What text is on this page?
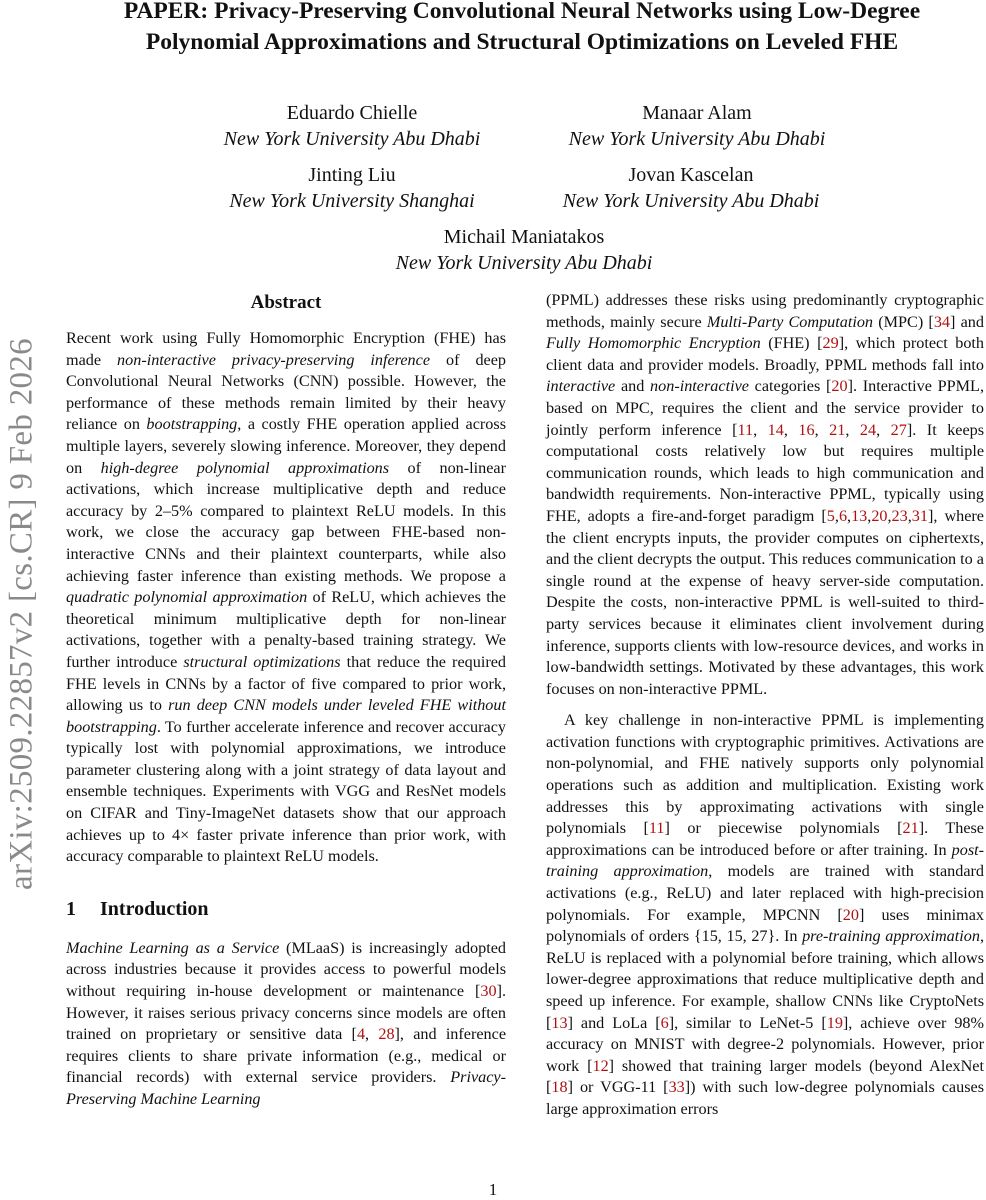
PAPER: Privacy-Preserving Convolutional Neural Networks using Low-Degree
Polynomial Approximations and Structural Optimizations on Leveled FHE
Eduardo Chielle
New York University Abu Dhabi
Manaar Alam
New York University Abu Dhabi
Jinting Liu
New York University Shanghai
Jovan Kascelan
New York University Abu Dhabi
Michail Maniatakos
New York University Abu Dhabi
arXiv:2509.22857v2 [cs.CR] 9 Feb 2026
Abstract

Recent work using Fully Homomorphic Encryption (FHE) has made non-interactive privacy-preserving inference of deep Convolutional Neural Networks (CNN) possible. However, the performance of these methods remain limited by their heavy reliance on bootstrapping, a costly FHE operation applied across multiple layers, severely slowing inference. Moreover, they depend on high-degree polynomial approximations of non-linear activations, which increase multiplicative depth and reduce accuracy by 2–5% compared to plaintext ReLU models. In this work, we close the accuracy gap between FHE-based non-interactive CNNs and their plaintext counterparts, while also achieving faster inference than existing methods. We propose a quadratic polynomial approximation of ReLU, which achieves the theoretical minimum multiplicative depth for non-linear activations, together with a penalty-based training strategy. We further introduce structural optimizations that reduce the required FHE levels in CNNs by a factor of five compared to prior work, allowing us to run deep CNN models under leveled FHE without bootstrapping. To further accelerate inference and recover accuracy typically lost with polynomial approximations, we introduce parameter clustering along with a joint strategy of data layout and ensemble techniques. Experiments with VGG and ResNet models on CIFAR and Tiny-ImageNet datasets show that our approach achieves up to 4× faster private inference than prior work, with accuracy comparable to plaintext ReLU models.

1 Introduction

Machine Learning as a Service (MLaaS) is increasingly adopted across industries because it provides access to powerful models without requiring in-house development or maintenance [30]. However, it raises serious privacy concerns since models are often trained on proprietary or sensitive data [4, 28], and inference requires clients to share private information (e.g., medical or financial records) with external service providers. Privacy-Preserving Machine Learning

(PPML) addresses these risks using predominantly cryptographic methods, mainly secure Multi-Party Computation (MPC) [34] and Fully Homomorphic Encryption (FHE) [29], which protect both client data and provider models. Broadly, PPML methods fall into interactive and non-interactive categories [20]. Interactive PPML, based on MPC, requires the client and the service provider to jointly perform inference [11, 14, 16, 21, 24, 27]. It keeps computational costs relatively low but requires multiple communication rounds, which leads to high communication and bandwidth requirements. Non-interactive PPML, typically using FHE, adopts a fire-and-forget paradigm [5,6,13,20,23,31], where the client encrypts inputs, the provider computes on ciphertexts, and the client decrypts the output. This reduces communication to a single round at the expense of heavy server-side computation. Despite the costs, non-interactive PPML is well-suited to third-party services because it eliminates client involvement during inference, supports clients with low-resource devices, and works in low-bandwidth settings. Motivated by these advantages, this work focuses on non-interactive PPML.

A key challenge in non-interactive PPML is implementing activation functions with cryptographic primitives. Activations are non-polynomial, and FHE natively supports only polynomial operations such as addition and multiplication. Existing work addresses this by approximating activations with single polynomials [11] or piecewise polynomials [21]. These approximations can be introduced before or after training. In post-training approximation, models are trained with standard activations (e.g., ReLU) and later replaced with high-precision polynomials. For example, MPCNN [20] uses minimax polynomials of orders {15, 15, 27}. In pre-training approximation, ReLU is replaced with a polynomial before training, which allows lower-degree approximations that reduce multiplicative depth and speed up inference. For example, shallow CNNs like CryptoNets [13] and LoLa [6], similar to LeNet-5 [19], achieve over 98% accuracy on MNIST with degree-2 polynomials. However, prior work [12] showed that training larger models (beyond AlexNet [18] or VGG-11 [33]) with such low-degree polynomials causes large approximation errors

1
